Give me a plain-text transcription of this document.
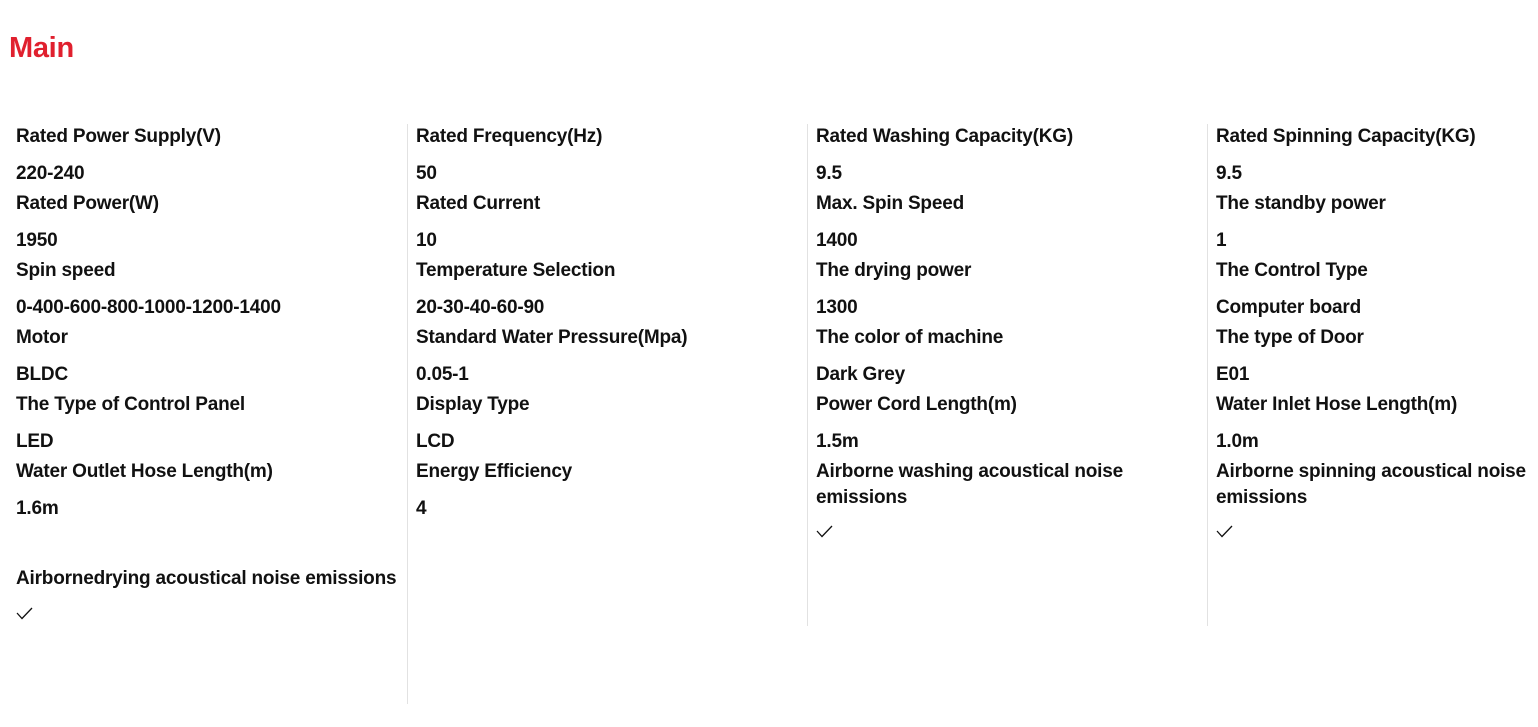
Main
Rated Power Supply(V)
220-240
Rated Power(W)
1950
Spin speed
0-400-600-800-1000-1200-1400
Motor
BLDC
The Type of Control Panel
LED
Water Outlet Hose Length(m)
1.6m
Airbornedrying acoustical noise emissions
Rated Frequency(Hz)
50
Rated Current
10
Temperature Selection
20-30-40-60-90
Standard Water Pressure(Mpa)
0.05-1
Display Type
LCD
Energy Efficiency
4
Rated Washing Capacity(KG)
9.5
Max. Spin Speed
1400
The drying power
1300
The color of machine
Dark Grey
Power Cord Length(m)
1.5m
Airborne washing acoustical noise emissions
Rated Spinning Capacity(KG)
9.5
The standby power
1
The Control Type
Computer board
The type of Door
E01
Water Inlet Hose Length(m)
1.0m
Airborne spinning acoustical noise emissions
